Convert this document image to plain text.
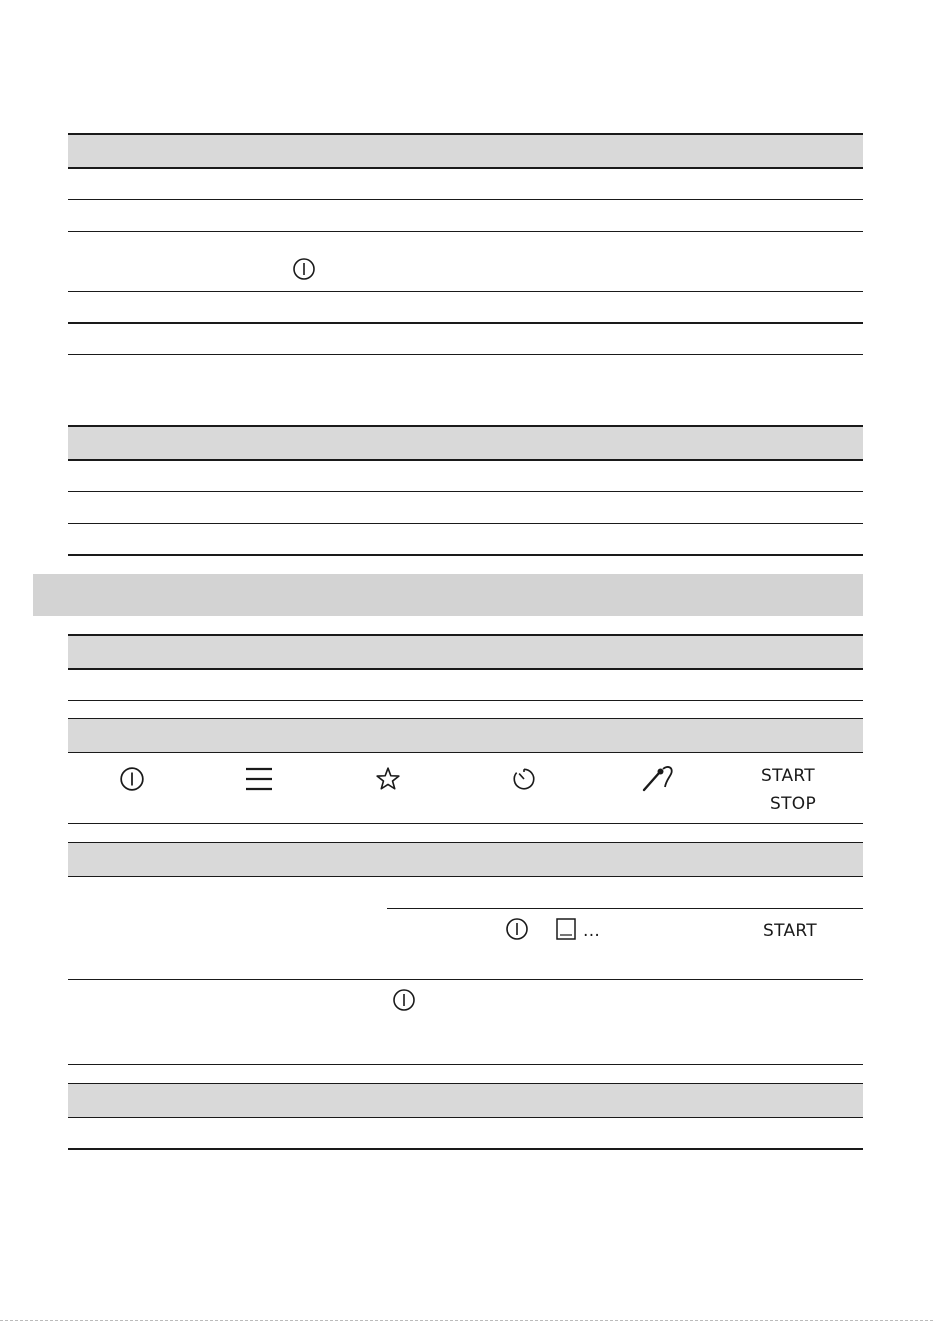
START
STOP
...	START
